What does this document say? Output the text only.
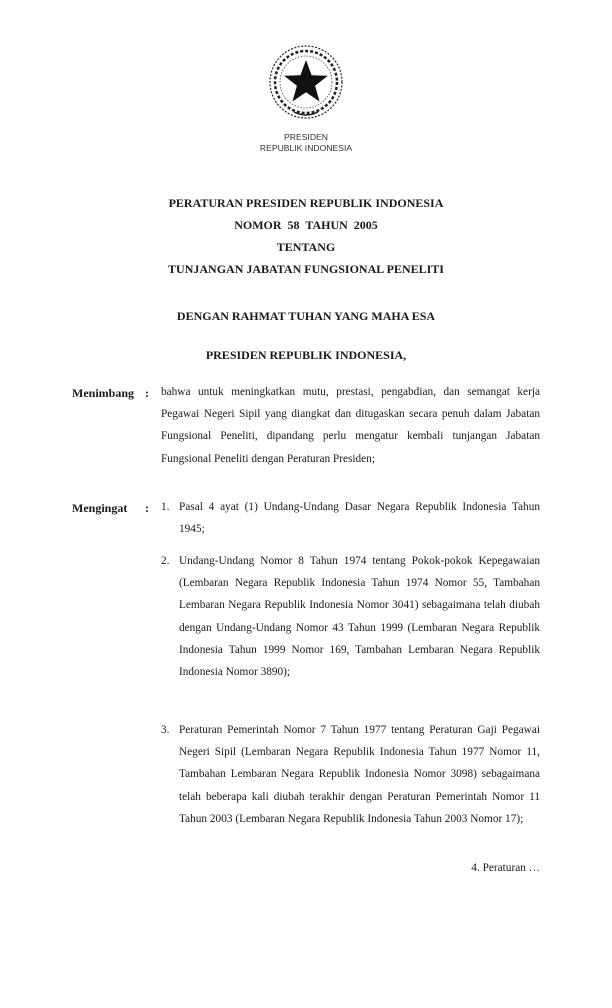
PRESIDEN
REPUBLIK INDONESIA
PERATURAN PRESIDEN REPUBLIK INDONESIA
NOMOR  58  TAHUN  2005
TENTANG
TUNJANGAN JABATAN FUNGSIONAL PENELITI
DENGAN RAHMAT TUHAN YANG MAHA ESA
PRESIDEN REPUBLIK INDONESIA,
Menimbang : bahwa untuk meningkatkan mutu, prestasi, pengabdian, dan semangat kerja Pegawai Negeri Sipil yang diangkat dan ditugaskan secara penuh dalam Jabatan Fungsional Peneliti, dipandang perlu mengatur kembali tunjangan Jabatan Fungsional Peneliti dengan Peraturan Presiden;
Mengingat : 1. Pasal 4 ayat (1) Undang-Undang Dasar Negara Republik Indonesia Tahun 1945;
2. Undang-Undang Nomor 8 Tahun 1974 tentang Pokok-pokok Kepegawaian (Lembaran Negara Republik Indonesia Tahun 1974 Nomor 55, Tambahan Lembaran Negara Republik Indonesia Nomor 3041) sebagaimana telah diubah dengan Undang-Undang Nomor 43 Tahun 1999 (Lembaran Negara Republik Indonesia Tahun 1999 Nomor 169, Tambahan Lembaran Negara Republik Indonesia Nomor 3890);
3. Peraturan Pemerintah Nomor 7 Tahun 1977 tentang Peraturan Gaji Pegawai Negeri Sipil (Lembaran Negara Republik Indonesia Tahun 1977 Nomor 11, Tambahan Lembaran Negara Republik Indonesia Nomor 3098) sebagaimana telah beberapa kali diubah terakhir dengan Peraturan Pemerintah Nomor 11 Tahun 2003 (Lembaran Negara Republik Indonesia Tahun 2003 Nomor 17);
4. Peraturan …
